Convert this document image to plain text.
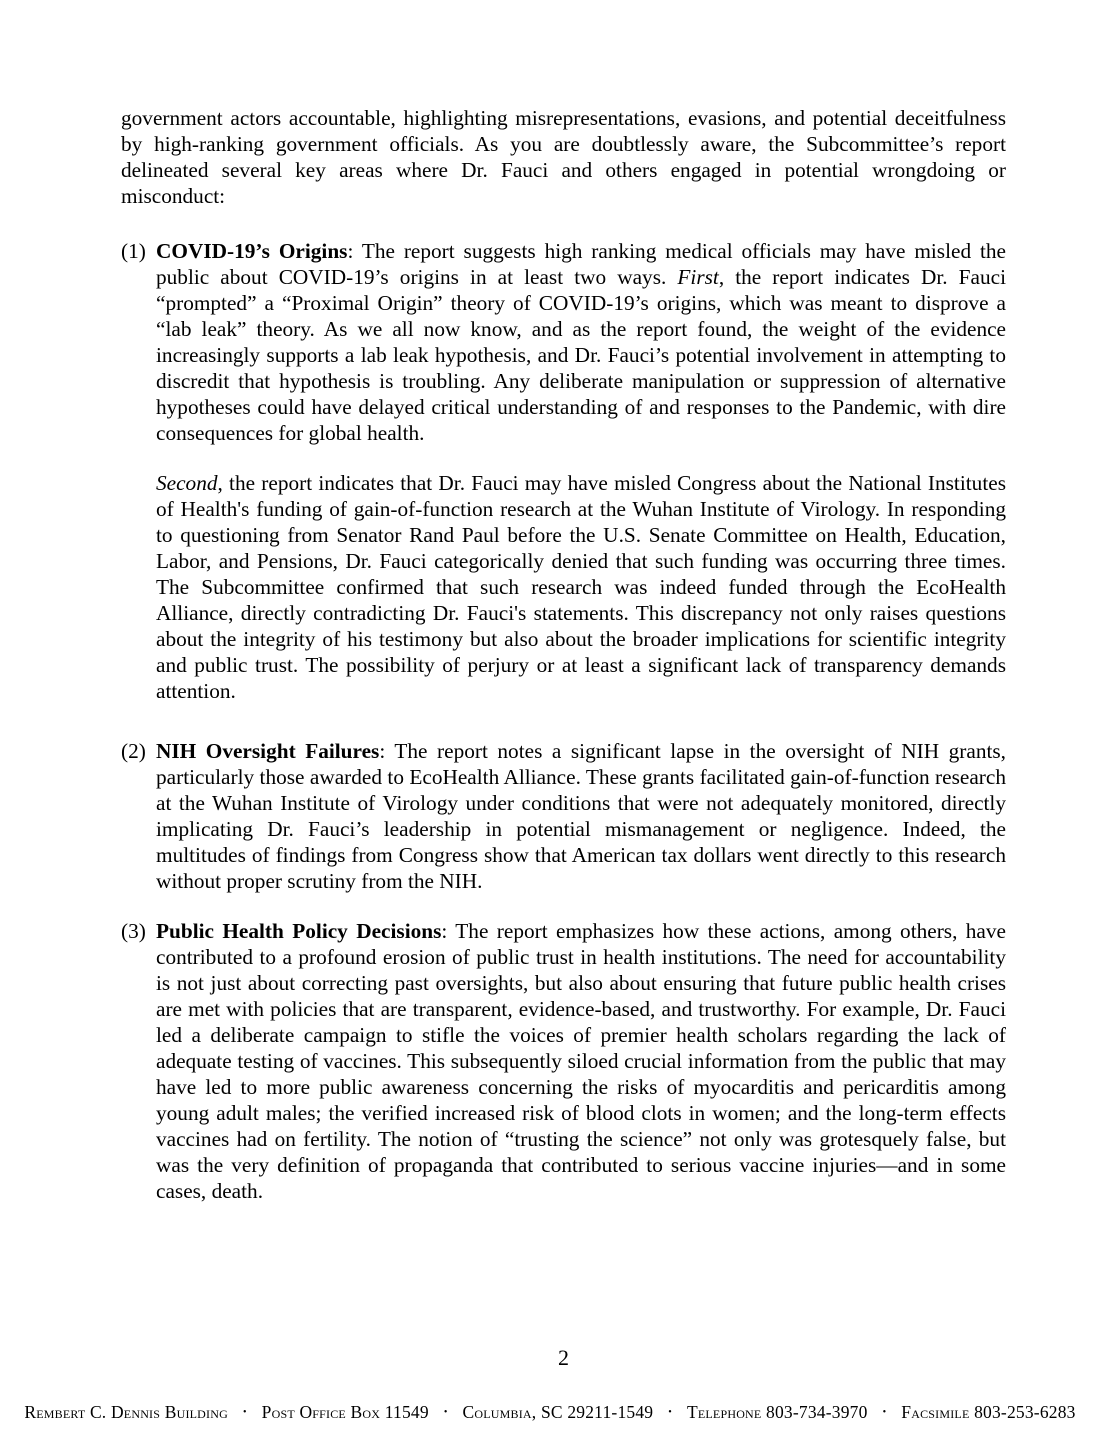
government actors accountable, highlighting misrepresentations, evasions, and potential deceitfulness by high-ranking government officials. As you are doubtlessly aware, the Subcommittee’s report delineated several key areas where Dr. Fauci and others engaged in potential wrongdoing or misconduct:

(1) COVID-19’s Origins: The report suggests high ranking medical officials may have misled the public about COVID-19’s origins in at least two ways. First, the report indicates Dr. Fauci “prompted” a “Proximal Origin” theory of COVID-19’s origins, which was meant to disprove a “lab leak” theory. As we all now know, and as the report found, the weight of the evidence increasingly supports a lab leak hypothesis, and Dr. Fauci’s potential involvement in attempting to discredit that hypothesis is troubling. Any deliberate manipulation or suppression of alternative hypotheses could have delayed critical understanding of and responses to the Pandemic, with dire consequences for global health.

Second, the report indicates that Dr. Fauci may have misled Congress about the National Institutes of Health's funding of gain-of-function research at the Wuhan Institute of Virology. In responding to questioning from Senator Rand Paul before the U.S. Senate Committee on Health, Education, Labor, and Pensions, Dr. Fauci categorically denied that such funding was occurring three times. The Subcommittee confirmed that such research was indeed funded through the EcoHealth Alliance, directly contradicting Dr. Fauci's statements. This discrepancy not only raises questions about the integrity of his testimony but also about the broader implications for scientific integrity and public trust. The possibility of perjury or at least a significant lack of transparency demands attention.

(2) NIH Oversight Failures: The report notes a significant lapse in the oversight of NIH grants, particularly those awarded to EcoHealth Alliance. These grants facilitated gain-of-function research at the Wuhan Institute of Virology under conditions that were not adequately monitored, directly implicating Dr. Fauci’s leadership in potential mismanagement or negligence. Indeed, the multitudes of findings from Congress show that American tax dollars went directly to this research without proper scrutiny from the NIH.

(3) Public Health Policy Decisions: The report emphasizes how these actions, among others, have contributed to a profound erosion of public trust in health institutions. The need for accountability is not just about correcting past oversights, but also about ensuring that future public health crises are met with policies that are transparent, evidence-based, and trustworthy. For example, Dr. Fauci led a deliberate campaign to stifle the voices of premier health scholars regarding the lack of adequate testing of vaccines. This subsequently siloed crucial information from the public that may have led to more public awareness concerning the risks of myocarditis and pericarditis among young adult males; the verified increased risk of blood clots in women; and the long-term effects vaccines had on fertility. The notion of “trusting the science” not only was grotesquely false, but was the very definition of propaganda that contributed to serious vaccine injuries—and in some cases, death.

2
Rembert C. Dennis Building • Post Office Box 11549 • Columbia, SC 29211-1549 • Telephone 803-734-3970 • Facsimile 803-253-6283
